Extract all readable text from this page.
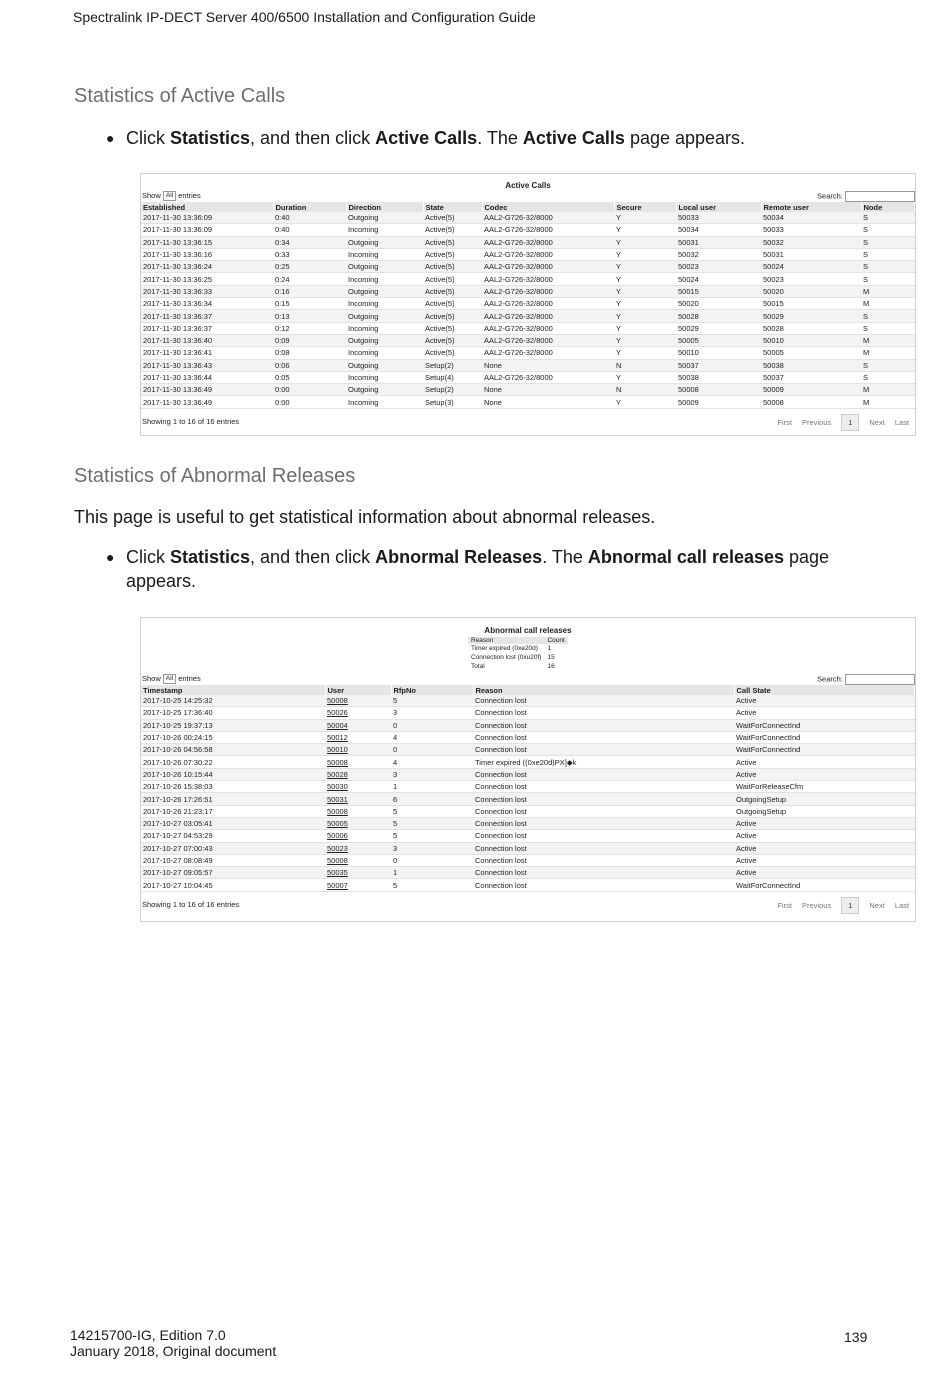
Spectralink IP-DECT Server 400/6500 Installation and Configuration Guide
Statistics of Active Calls
● Click Statistics, and then click Active Calls. The Active Calls page appears.
Active Calls
Show All entries	Search:
Established	Duration	Direction	State	Codec	Secure	Local user	Remote user	Node
2017-11-30 13:36:09	0:40	Outgoing	Active(5)	AAL2-G726-32/8000	Y	50033	50034	S
2017-11-30 13:36:09	0:40	Incoming	Active(5)	AAL2-G726-32/8000	Y	50034	50033	S
2017-11-30 13:36:15	0:34	Outgoing	Active(5)	AAL2-G726-32/8000	Y	50031	50032	S
2017-11-30 13:36:16	0:33	Incoming	Active(5)	AAL2-G726-32/8000	Y	50032	50031	S
2017-11-30 13:36:24	0:25	Outgoing	Active(5)	AAL2-G726-32/8000	Y	50023	50024	S
2017-11-30 13:36:25	0:24	Incoming	Active(5)	AAL2-G726-32/8000	Y	50024	50023	S
2017-11-30 13:36:33	0:16	Outgoing	Active(5)	AAL2-G726-32/8000	Y	50015	50020	M
2017-11-30 13:36:34	0:15	Incoming	Active(5)	AAL2-G726-32/8000	Y	50020	50015	M
2017-11-30 13:36:37	0:13	Outgoing	Active(5)	AAL2-G726-32/8000	Y	50028	50029	S
2017-11-30 13:36:37	0:12	Incoming	Active(5)	AAL2-G726-32/8000	Y	50029	50028	S
2017-11-30 13:36:40	0:09	Outgoing	Active(5)	AAL2-G726-32/8000	Y	50005	50010	M
2017-11-30 13:36:41	0:08	Incoming	Active(5)	AAL2-G726-32/8000	Y	50010	50005	M
2017-11-30 13:36:43	0:06	Outgoing	Setup(2)	None	N	50037	50038	S
2017-11-30 13:36:44	0:05	Incoming	Setup(4)	AAL2-G726-32/8000	Y	50038	50037	S
2017-11-30 13:36:49	0:00	Outgoing	Setup(2)	None	N	50008	50009	M
2017-11-30 13:36:49	0:00	Incoming	Setup(3)	None	Y	50009	50008	M
Showing 1 to 16 of 16 entries	First Previous	1	Next Last
Statistics of Abnormal Releases
This page is useful to get statistical information about abnormal releases.
● Click Statistics, and then click Abnormal Releases. The Abnormal call releases page appears.
Abnormal call releases
Reason	Count
Timer expired (0xe20d)	1
Connection lost (0xu20f)	15
Total	16
Show All entries	Search:
Timestamp	User	RfpNo	Reason	Call State
2017-10-25 14:25:32	50008	5	Connection lost	Active
2017-10-25 17:36:40	50026	3	Connection lost	Active
2017-10-25 19:37:13	50004	0	Connection lost	WaitForConnectInd
2017-10-26 00:24:15	50012	4	Connection lost	WaitForConnectInd
2017-10-26 04:56:58	50010	0	Connection lost	WaitForConnectInd
2017-10-26 07:30:22	50008	4	Timer expired ((0xe20d)PX]◆k	Active
2017-10-26 10:15:44	50028	3	Connection lost	Active
2017-10-26 15:38:03	50030	1	Connection lost	WaitForReleaseCfm
2017-10-26 17:26:51	50031	6	Connection lost	OutgoingSetup
2017-10-26 21:23:17	50008	5	Connection lost	OutgoingSetup
2017-10-27 03:05:41	50005	5	Connection lost	Active
2017-10-27 04:53:29	50006	5	Connection lost	Active
2017-10-27 07:00:43	50023	3	Connection lost	Active
2017-10-27 08:08:49	50008	0	Connection lost	Active
2017-10-27 09:05:57	50035	1	Connection lost	Active
2017-10-27 10:04:45	50007	5	Connection lost	WaitForConnectInd
Showing 1 to 16 of 16 entries	First Previous	1	Next Last
14215700-IG, Edition 7.0
January 2018, Original document
139
